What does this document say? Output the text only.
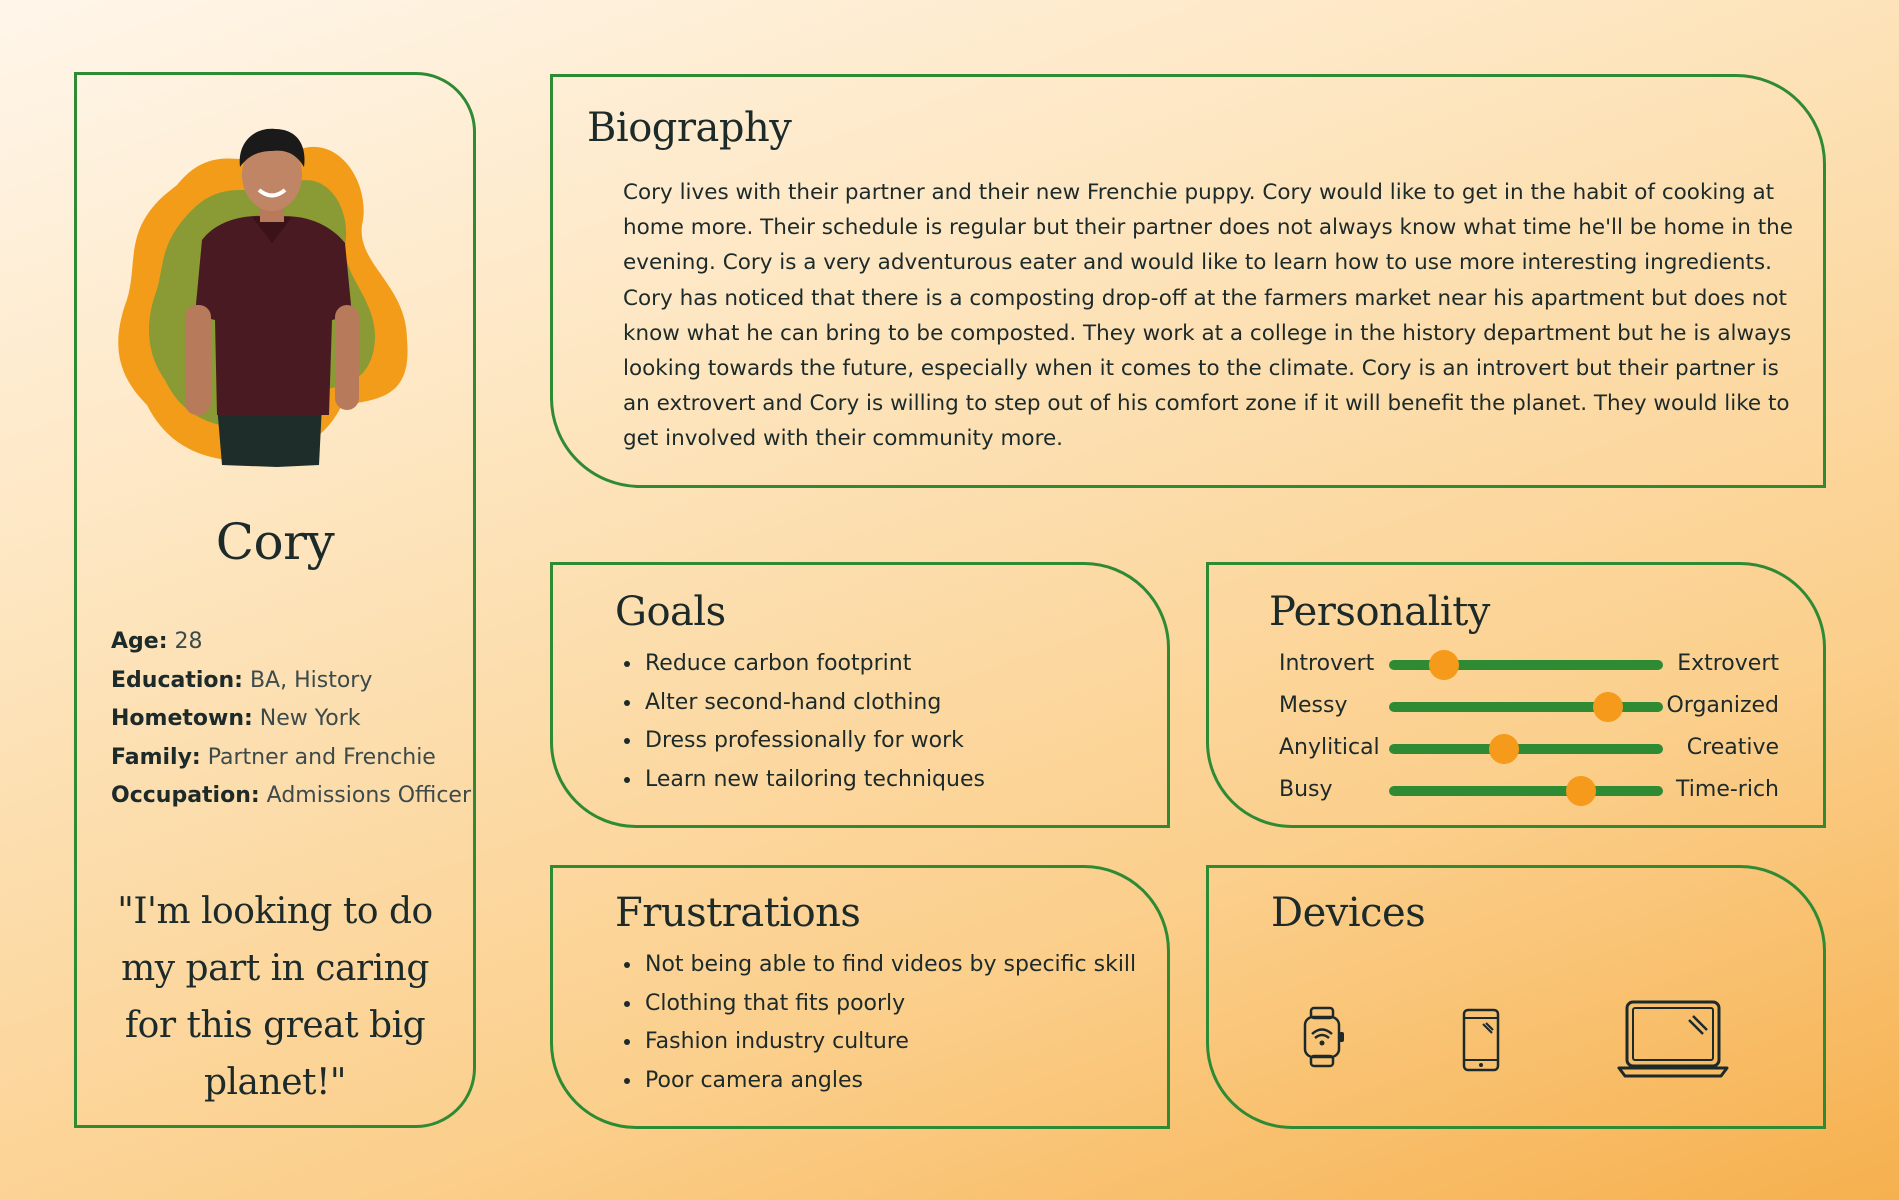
Cory
Age: 28
Education: BA, History
Hometown: New York
Family: Partner and Frenchie
Occupation: Admissions Officer
"I'm looking to do my part in caring for this great big planet!"
Biography
Cory lives with their partner and their new Frenchie puppy. Cory would like to get in the habit of cooking at home more. Their schedule is regular but their partner does not always know what time he'll be home in the evening. Cory is a very adventurous eater and would like to learn how to use more interesting ingredients. Cory has noticed that there is a composting drop-off at the farmers market near his apartment but does not know what he can bring to be composted. They work at a college in the history department but he is always looking towards the future, especially when it comes to the climate. Cory is an introvert but their partner is an extrovert and Cory is willing to step out of his comfort zone if it will benefit the planet. They would like to get involved with their community more.
Goals
• Reduce carbon footprint
• Alter second-hand clothing
• Dress professionally for work
• Learn new tailoring techniques
Personality
Introvert	Extrovert
Messy	Organized
Anylitical	Creative
Busy	Time-rich
Frustrations
• Not being able to find videos by specific skill
• Clothing that fits poorly
• Fashion industry culture
• Poor camera angles
Devices
